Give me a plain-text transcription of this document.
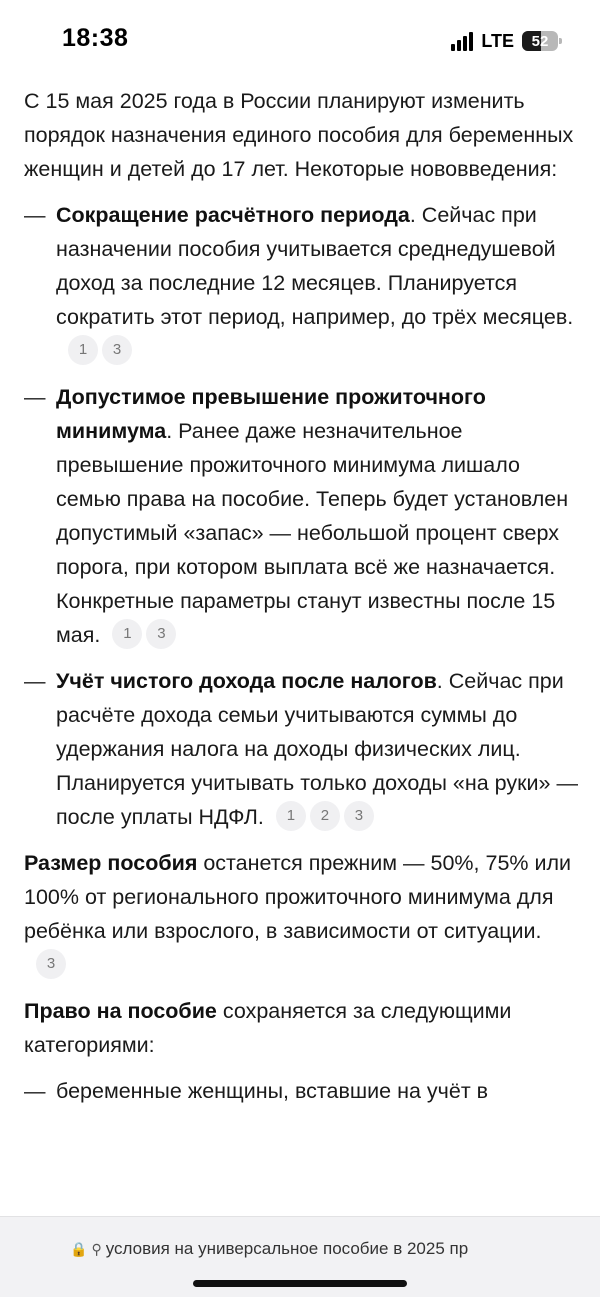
18:38	LTE 52

С 15 мая 2025 года в России планируют изменить порядок назначения единого пособия для беременных женщин и детей до 17 лет. Некоторые нововведения:

— Сокращение расчётного периода. Сейчас при назначении пособия учитывается среднедушевой доход за последние 12 месяцев. Планируется сократить этот период, например, до трёх месяцев.1 3
— Допустимое превышение прожиточного минимума. Ранее даже незначительное превышение прожиточного минимума лишало семью права на пособие. Теперь будет установлен допустимый «запас» — небольшой процент сверх порога, при котором выплата всё же назначается. Конкретные параметры станут известны после 15 мая. 1 3
— Учёт чистого дохода после налогов. Сейчас при расчёте дохода семьи учитываются суммы до удержания налога на доходы физических лиц. Планируется учитывать только доходы «на руки» — после уплаты НДФЛ. 1 2 3

Размер пособия останется прежним — 50%, 75% или 100% от регионального прожиточного минимума для ребёнка или взрослого, в зависимости от ситуации.3

Право на пособие сохраняется за следующими категориями:

— беременные женщины, вставшие на учёт в
🔒 ⚲ условия на универсальное пособие в 2025 пр
